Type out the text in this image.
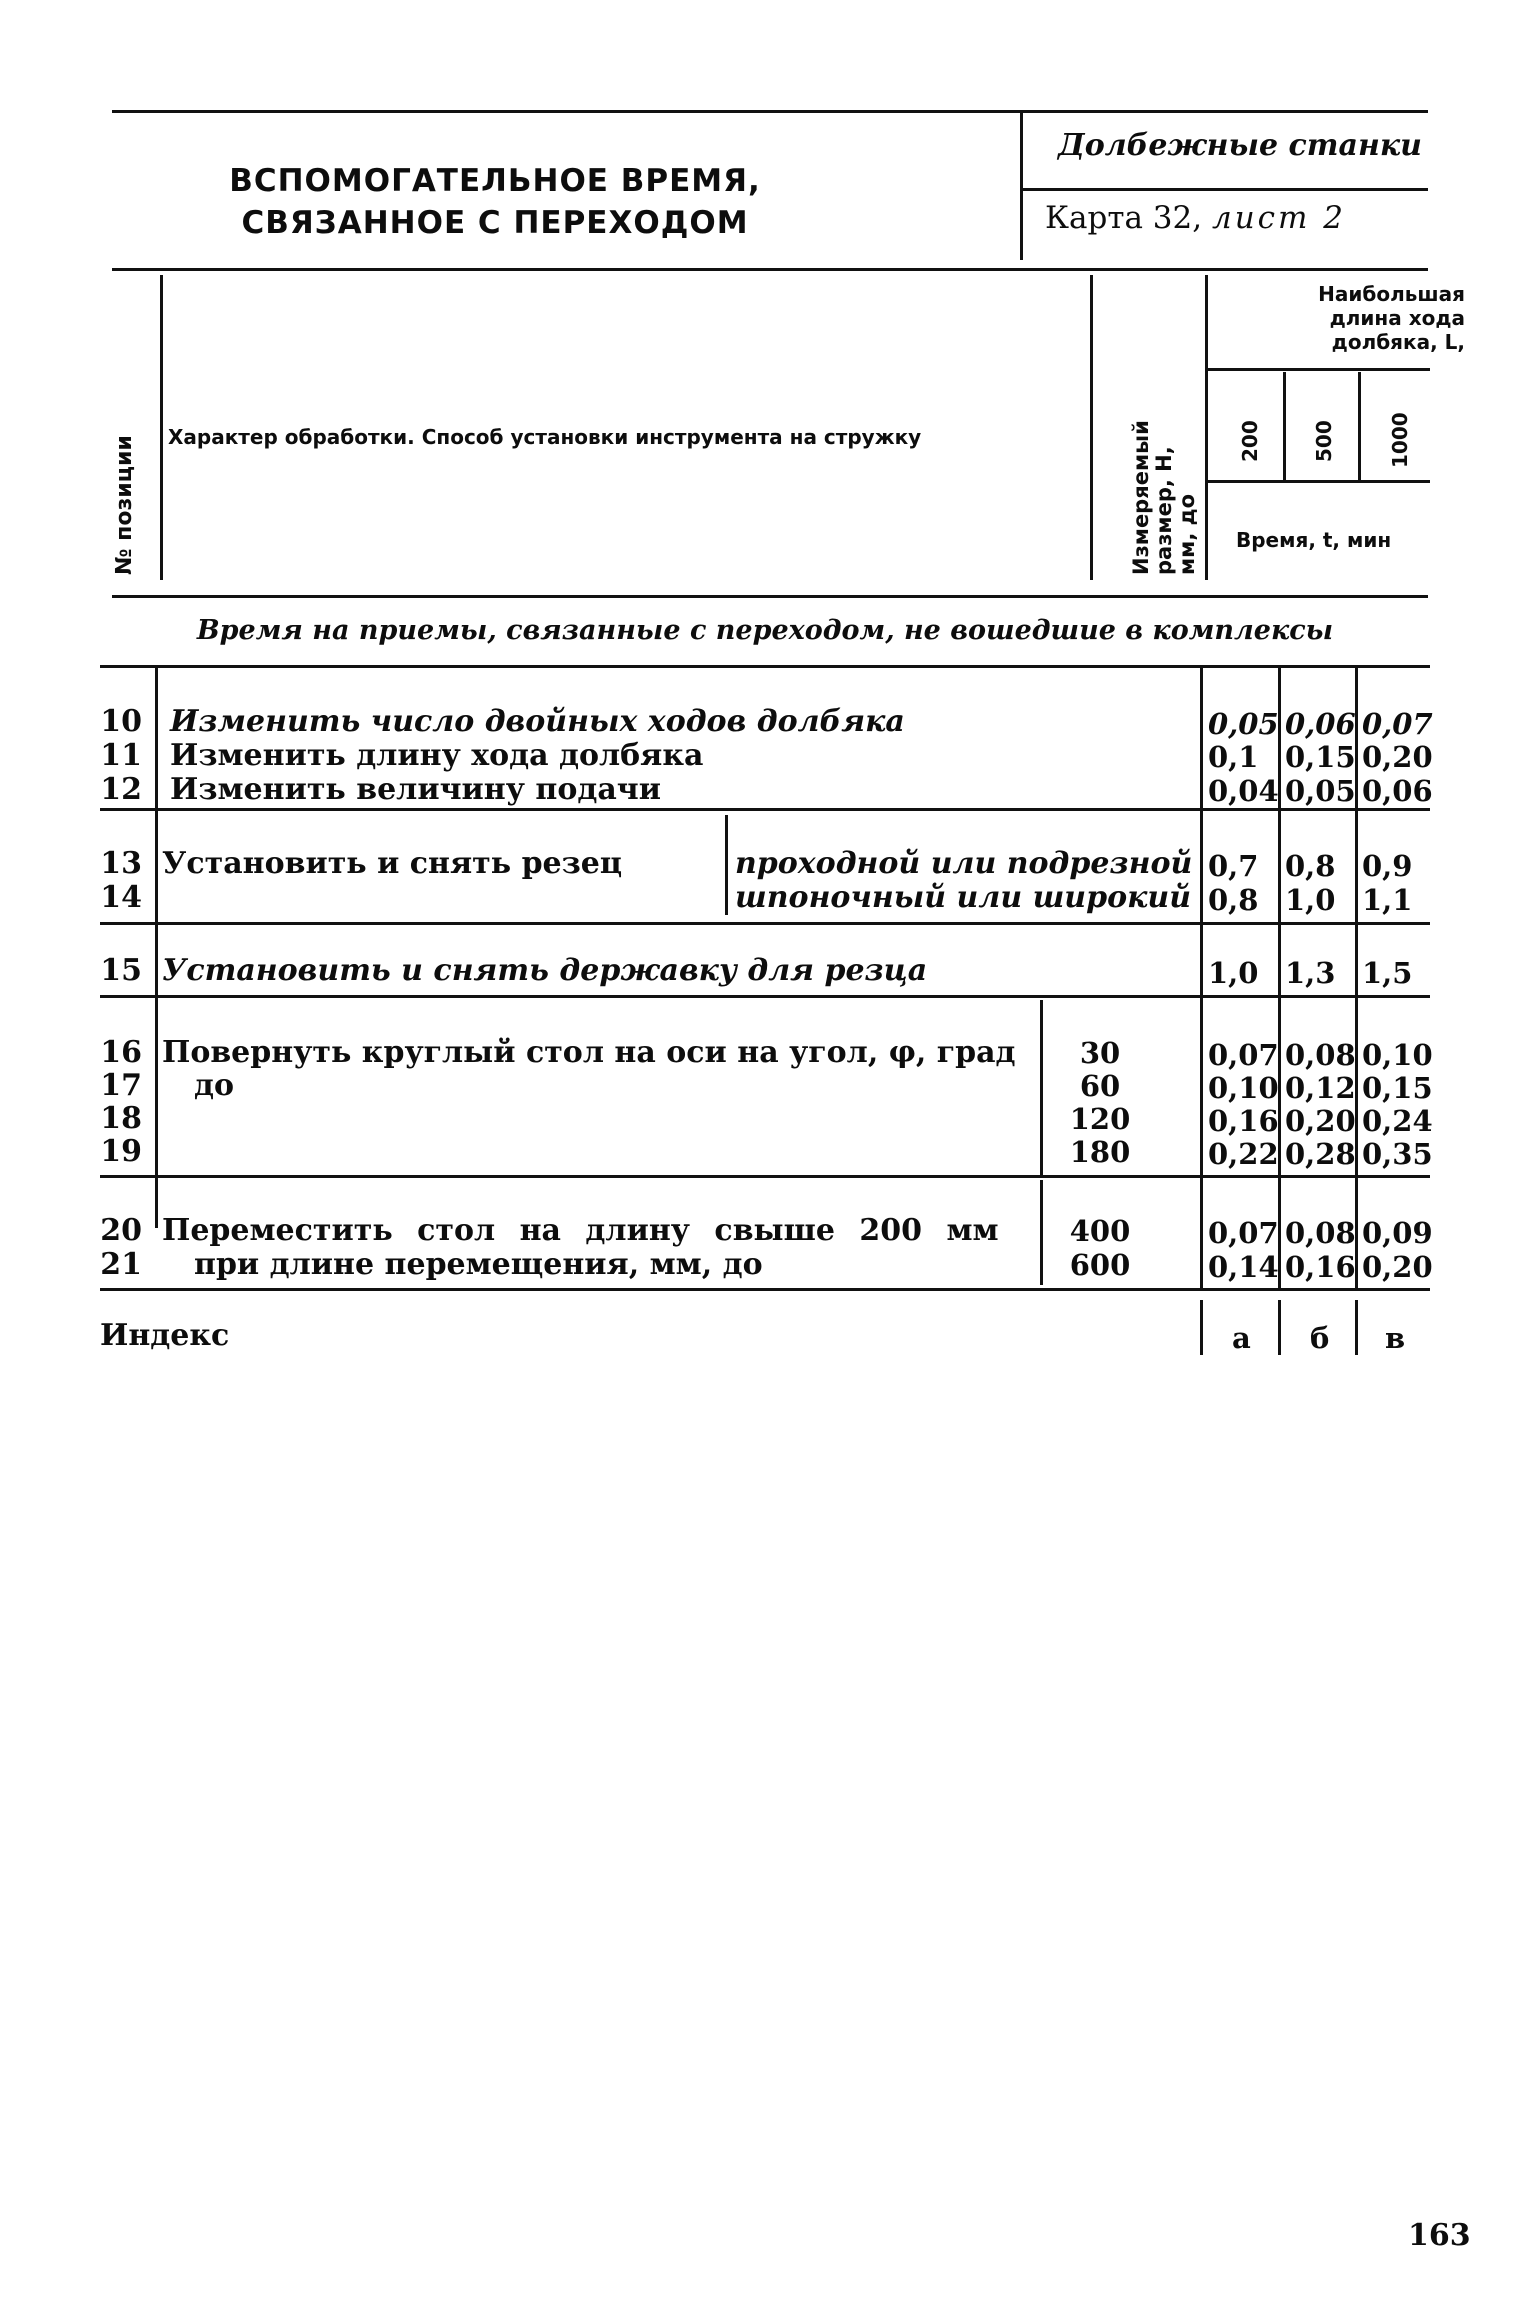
ВСПОМОГАТЕЛЬНОЕ ВРЕМЯ,
СВЯЗАННОЕ С ПЕРЕХОДОМ
Долбежные станки
Карта 32, лист 2
№ позиции Характер обработки. Способ установки инструмента на стружку	Измеряемый размер, Н, мм, до
Наибольшая
длина хода
долбяка, L,
200	500	1000
Время, t, мин
Время на приемы, связанные с переходом, не вошедшие в комплексы
10 Изменить число двойных ходов долбяка	0,05 0,06 0,07
11 Изменить длину хода долбяка	0,1 0,15 0,20
12 Изменить величину подачи	0,04 0,05 0,06
13 Установить и снять резец	проходной или подрезной 0,7 0,8 0,9
14	шпоночный или широкий 0,8 1,0 1,1
15 Установить и снять державку для резца	1,0 1,3 1,5
16 Повернуть круглый стол на оси на угол, φ, град	30	0,07 0,08 0,10
17 до	60	0,10 0,12 0,15
18	120	0,16 0,20 0,24
19	180	0,22 0,28 0,35
20 Переместить стол на длину свыше 200 мм	400	0,07 0,08 0,09
21 при длине перемещения, мм, до	600	0,14 0,16 0,20
Индекс	а б в
163
